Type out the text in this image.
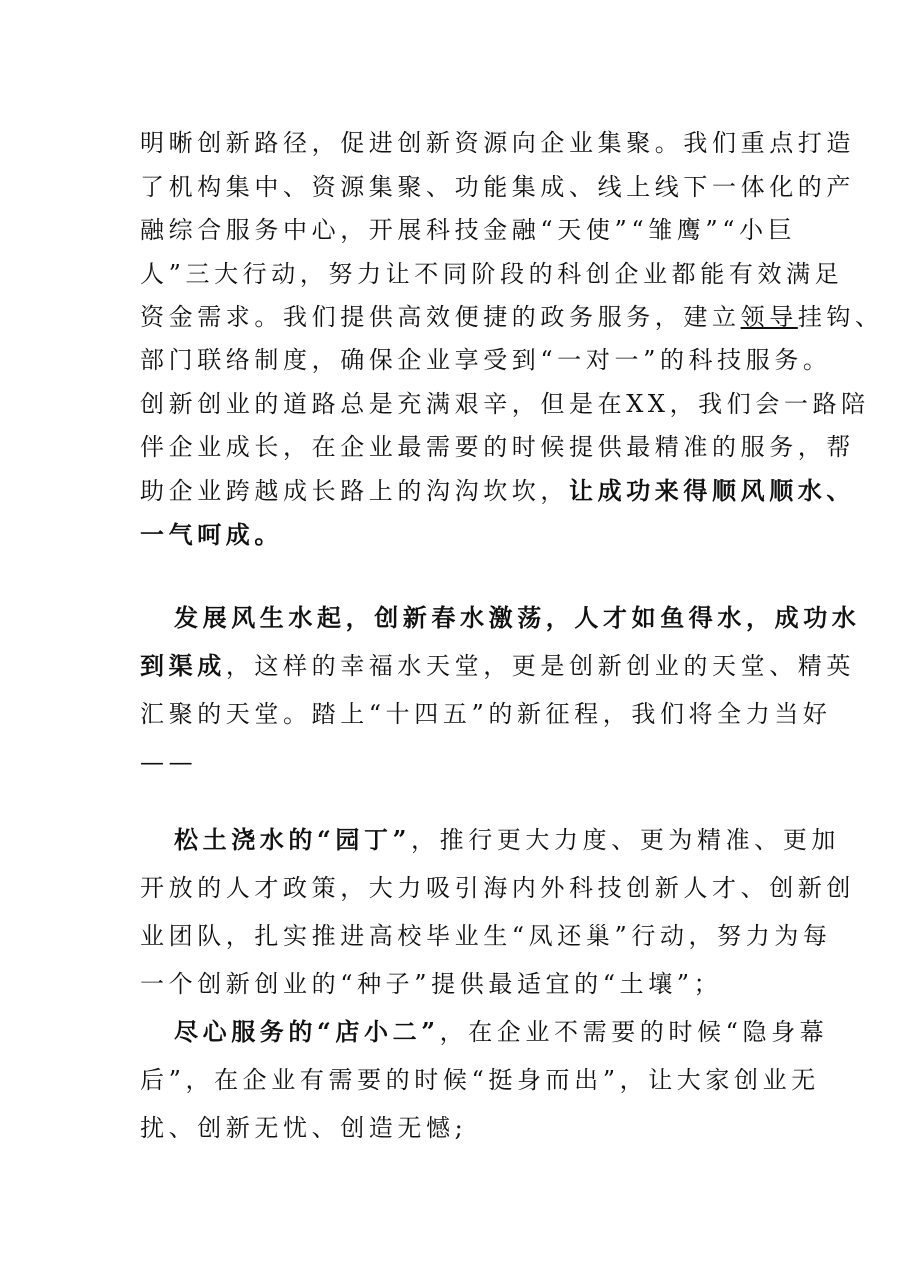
明晰创新路径，促进创新资源向企业集聚。我们重点打造
了机构集中、资源集聚、功能集成、线上线下一体化的产
融综合服务中心，开展科技金融“天使”“雏鹰”“小巨
人”三大行动，努力让不同阶段的科创企业都能有效满足
资金需求。我们提供高效便捷的政务服务，建立领导挂钩、
部门联络制度，确保企业享受到“一对一”的科技服务。
创新创业的道路总是充满艰辛，但是在XX，我们会一路陪
伴企业成长，在企业最需要的时候提供最精准的服务，帮
助企业跨越成长路上的沟沟坎坎，让成功来得顺风顺水、
一气呵成。
发展风生水起，创新春水激荡，人才如鱼得水，成功水
到渠成，这样的幸福水天堂，更是创新创业的天堂、精英
汇聚的天堂。踏上“十四五”的新征程，我们将全力当好
——
松土浇水的“园丁”，推行更大力度、更为精准、更加
开放的人才政策，大力吸引海内外科技创新人才、创新创
业团队，扎实推进高校毕业生“凤还巢”行动，努力为每
一个创新创业的“种子”提供最适宜的“土壤”；
尽心服务的“店小二”，在企业不需要的时候“隐身幕
后”，在企业有需要的时候“挺身而出”，让大家创业无
扰、创新无忧、创造无憾;
